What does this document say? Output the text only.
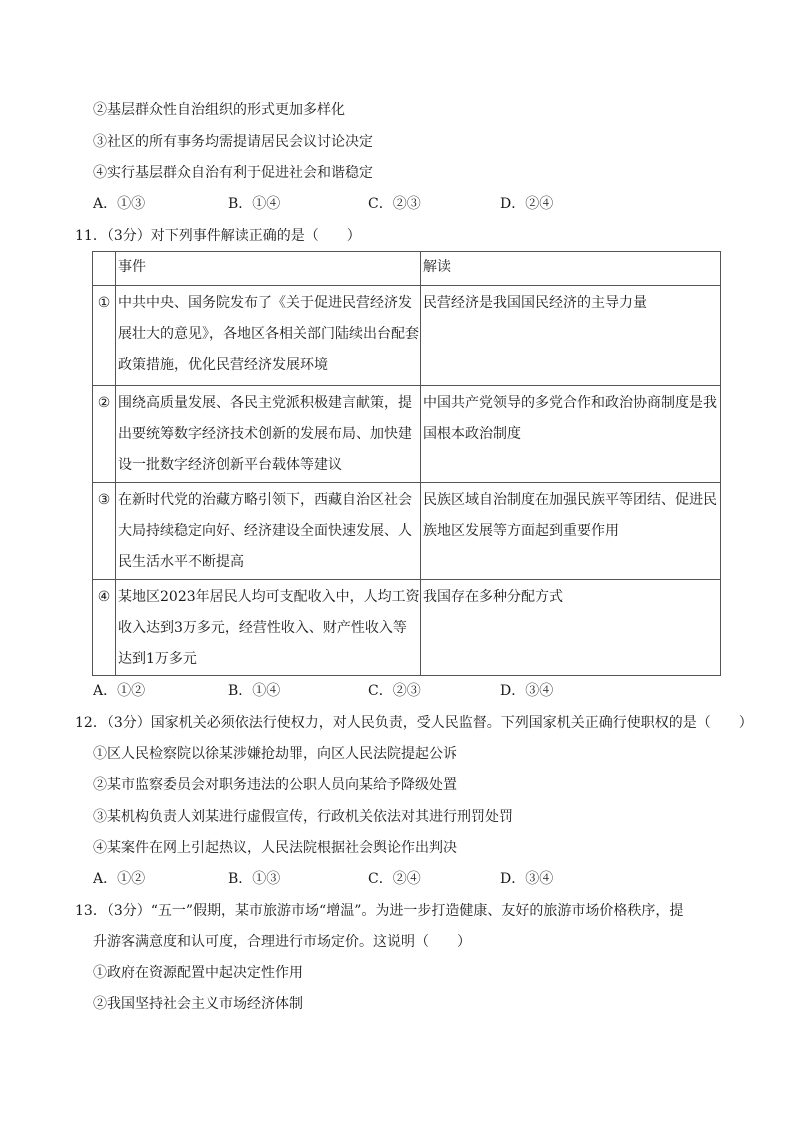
②基层群众性自治组织的形式更加多样化
③社区的所有事务均需提请居民会议讨论决定
④实行基层群众自治有利于促进社会和谐稳定
A．①③	B．①④	C．②③	D．②④
11．（3分）对下列事件解读正确的是（　　）
	事件	解读
①	中共中央、国务院发布了《关于促进民营经济发展壮大的意见》，各地区各相关部门陆续出台配套政策措施，优化民营经济发展环境	民营经济是我国国民经济的主导力量
②	围绕高质量发展、各民主党派积极建言献策，提出要统筹数字经济技术创新的发展布局、加快建设一批数字经济创新平台载体等建议	中国共产党领导的多党合作和政治协商制度是我国根本政治制度
③	在新时代党的治藏方略引领下，西藏自治区社会大局持续稳定向好、经济建设全面快速发展、人民生活水平不断提高	民族区域自治制度在加强民族平等团结、促进民族地区发展等方面起到重要作用
④	某地区2023年居民人均可支配收入中，人均工资收入达到3万多元，经营性收入、财产性收入等达到1万多元	我国存在多种分配方式
A．①②	B．①④	C．②③	D．③④
12．（3分）国家机关必须依法行使权力，对人民负责，受人民监督。下列国家机关正确行使职权的是（　　）
①区人民检察院以徐某涉嫌抢劫罪，向区人民法院提起公诉
②某市监察委员会对职务违法的公职人员向某给予降级处置
③某机构负责人刘某进行虚假宣传，行政机关依法对其进行刑罚处罚
④某案件在网上引起热议，人民法院根据社会舆论作出判决
A．①②	B．①③	C．②④	D．③④
13．（3分）“五一”假期，某市旅游市场“增温”。为进一步打造健康、友好的旅游市场价格秩序，提
升游客满意度和认可度，合理进行市场定价。这说明（　　）
①政府在资源配置中起决定性作用
②我国坚持社会主义市场经济体制
